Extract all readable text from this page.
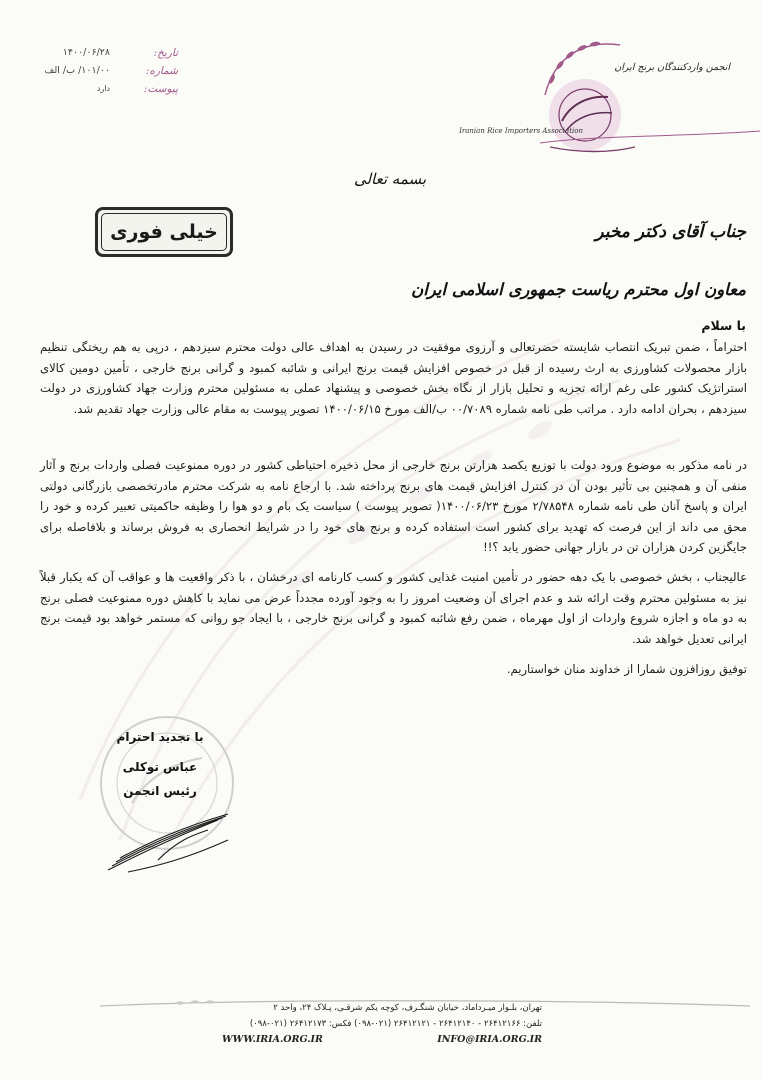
تاریخ:
شماره:
پیوست:
۱۴۰۰/۰۶/۲۸
۱۰۱/۰۰/ ب/ الف
دارد
انجمن واردکنندگان برنج ایران
Iranian Rice Importers Association
بسمه تعالی
خیلی فوری	جناب آقای دکتر مخبر
معاون اول محترم ریاست جمهوری اسلامی ایران
با سلام
احتراماً ، ضمن تبریک انتصاب شایسته حضرتعالی و آرزوی موفقیت در رسیدن به اهداف عالی دولت محترم سیزدهم ، درپی به هم ریختگی تنظیم بازار محصولات کشاورزی به ارث رسیده از قبل در خصوص افزایش قیمت برنج ایرانی و شائبه کمبود و گرانی برنج خارجی ، تأمین دومین کالای استراتژیک کشور علی رغم ارائه تجزیه و تحلیل بازار از نگاه بخش خصوصی و پیشنهاد عملی به مسئولین محترم وزارت جهاد کشاورزی در دولت سیزدهم ، بحران ادامه دارد . مراتب طی نامه شماره ۰۰/۷۰۸۹ ب/الف مورخ ۱۴۰۰/۰۶/۱۵ تصویر پیوست به مقام عالی وزارت جهاد تقدیم شد.
در نامه مذکور به موضوع ورود دولت با توزیع یکصد هزارتن برنج خارجی از محل ذخیره احتیاطی کشور در دوره ممنوعیت فصلی واردات برنج و آثار منفی آن و همچنین بی تأثیر بودن آن در کنترل افزایش قیمت های برنج پرداخته شد. با ارجاع نامه به شرکت محترم مادرتخصصی بازرگانی دولتی ایران و پاسخ آنان طی نامه شماره ۲/۷۸۵۴۸ مورخ ۱۴۰۰/۰۶/۲۳( تصویر پیوست ) سیاست یک بام و دو هوا را وظیفه حاکمیتی تعبیر کرده و خود را محق می داند از این فرصت که تهدید برای کشور است استفاده کرده و برنج های خود را در شرایط انحصاری به فروش برساند و بلافاصله برای جایگزین کردن هزاران تن در بازار جهانی حضور یابد ؟!!
عالیجناب ، بخش خصوصی با یک دهه حضور در تأمین امنیت غذایی کشور و کسب کارنامه ای درخشان ، با ذکر واقعیت ها و عواقب آن که یکبار قبلاً نیز به مسئولین محترم وقت ارائه شد و عدم اجرای آن وضعیت امروز را به وجود آورده مجدداً عرض می نماید با کاهش دوره ممنوعیت فصلی برنج به دو ماه و اجازه شروع واردات از اول مهرماه ، ضمن رفع شائبه کمبود و گرانی برنج خارجی ، با ایجاد جو روانی که مستمر خواهد بود قیمت برنج ایرانی تعدیل خواهد شد.
توفیق روزافزون شمارا از خداوند منان خواستاریم.
با تجدید احترام
عباس توکلی
رئیس انجمن
تهران، بلـوار میـرداماد، خیابان شنگـرف، کوچه یکم شرقـی، پـلاک ۲۴، واحد ۲
تلفن: ۲۶۴۱۲۱۶۶ - ۲۶۴۱۲۱۴۰ - ۲۶۴۱۲۱۲۱ (۰۲۱-۰۹۸) فکس: ۲۶۴۱۲۱۷۳ (۰۲۱-۰۹۸)
WWW.IRIA.ORG.IR	INFO@IRIA.ORG.IR
